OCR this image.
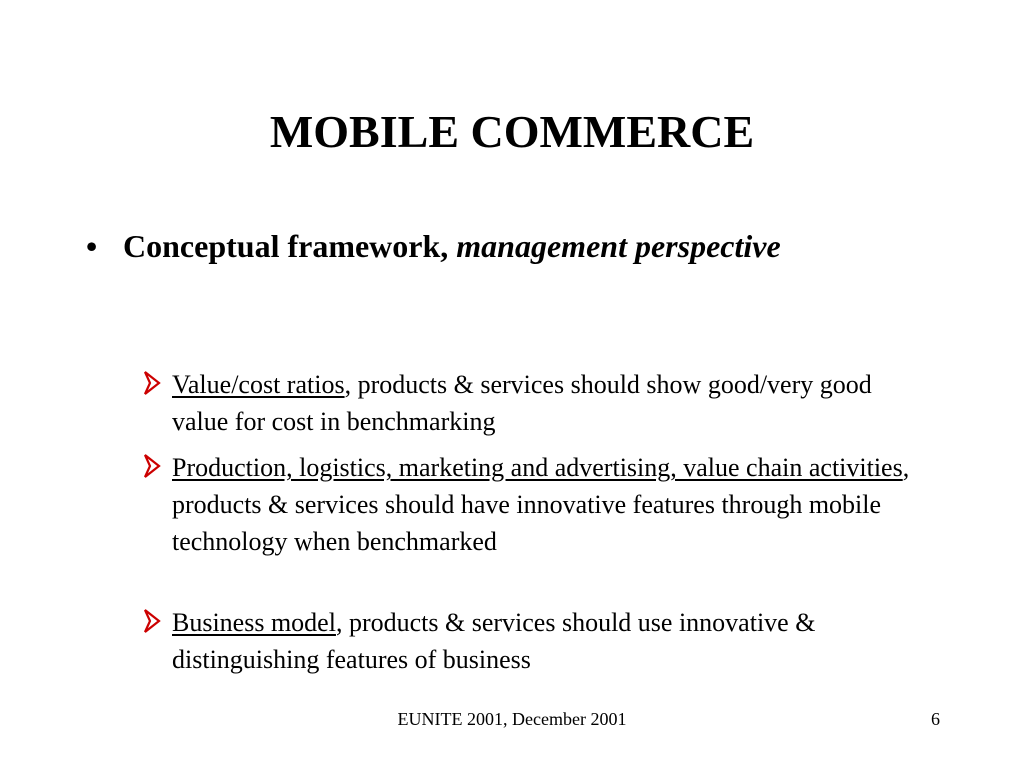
MOBILE COMMERCE
• Conceptual framework, management perspective
Value/cost ratios, products & services should show good/very good value for cost in benchmarking
Production, logistics, marketing and advertising, value chain activities, products & services should have innovative features through mobile technology when benchmarked
Business model, products & services should use innovative & distinguishing features of business
EUNITE 2001, December 2001	6
